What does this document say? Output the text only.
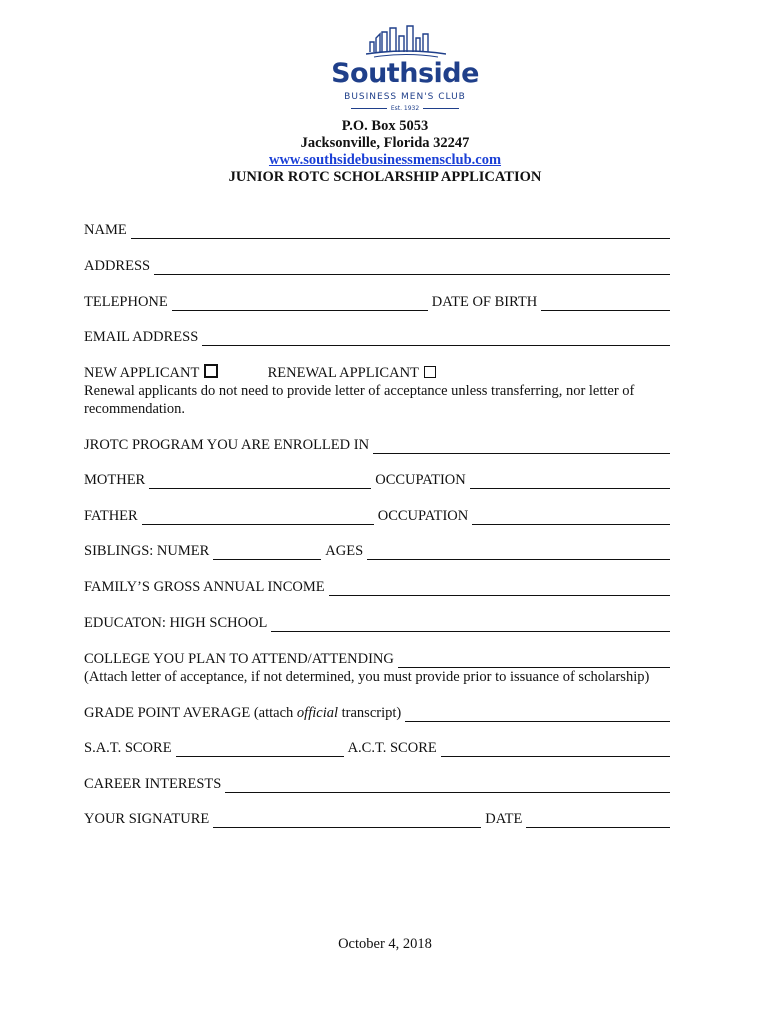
Southside
BUSINESS MEN'S CLUB
Est. 1932
P.O. Box 5053
Jacksonville, Florida 32247
www.southsidebusinessmensclub.com
JUNIOR ROTC SCHOLARSHIP APPLICATION
NAME
ADDRESS
TELEPHONE	DATE OF BIRTH
EMAIL ADDRESS
NEW APPLICANT	RENEWAL APPLICANT
Renewal applicants do not need to provide letter of acceptance unless transferring, nor letter of recommendation.
JROTC PROGRAM YOU ARE ENROLLED IN
MOTHER	OCCUPATION
FATHER	OCCUPATION
SIBLINGS: NUMER	AGES
FAMILY’S GROSS ANNUAL INCOME
EDUCATON: HIGH SCHOOL
COLLEGE YOU PLAN TO ATTEND/ATTENDING
(Attach letter of acceptance, if not determined, you must provide prior to issuance of scholarship)
GRADE POINT AVERAGE (attach official transcript)
S.A.T. SCORE	A.C.T. SCORE
CAREER INTERESTS
YOUR SIGNATURE	DATE
October 4, 2018
